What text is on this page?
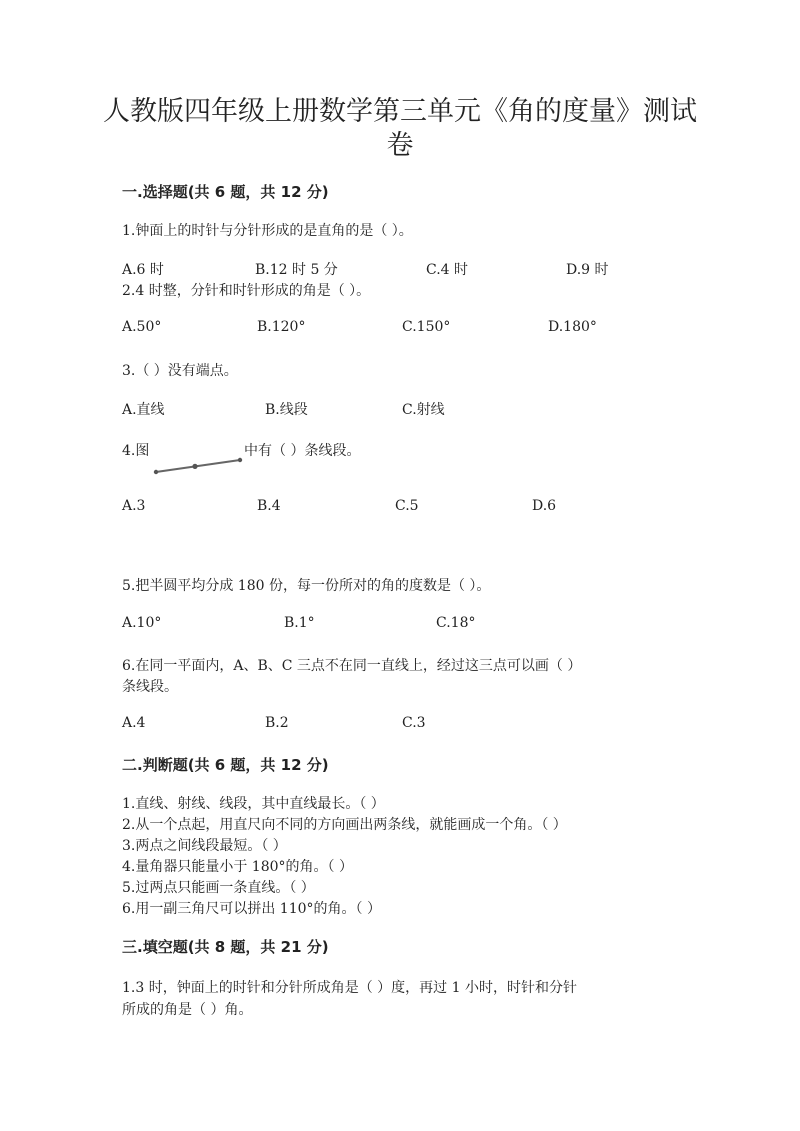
人教版四年级上册数学第三单元《角的度量》测试
卷
一.选择题(共 6 题，共 12 分)
1.钟面上的时针与分针形成的是直角的是（ ）。
A.6 时	B.12 时 5 分	C.4 时	D.9 时
2.4 时整，分针和时针形成的角是（ ）。
A.50°	B.120°	C.150°	D.180°
3.（ ）没有端点。
A.直线	B.线段	C.射线
4.图	中有（ ）条线段。
A.3	B.4	C.5	D.6
5.把半圆平均分成 180 份，每一份所对的角的度数是（ ）。
A.10°	B.1°	C.18°
6.在同一平面内，A、B、C 三点不在同一直线上，经过这三点可以画（ ）
条线段。
A.4	B.2	C.3
二.判断题(共 6 题，共 12 分)
1.直线、射线、线段，其中直线最长。（ ）
2.从一个点起，用直尺向不同的方向画出两条线，就能画成一个角。（ ）
3.两点之间线段最短。（ ）
4.量角器只能量小于 180°的角。（ ）
5.过两点只能画一条直线。（ ）
6.用一副三角尺可以拼出 110°的角。（ ）
三.填空题(共 8 题，共 21 分)
1.3 时，钟面上的时针和分针所成角是（ ）度，再过 1 小时，时针和分针
所成的角是（ ）角。
